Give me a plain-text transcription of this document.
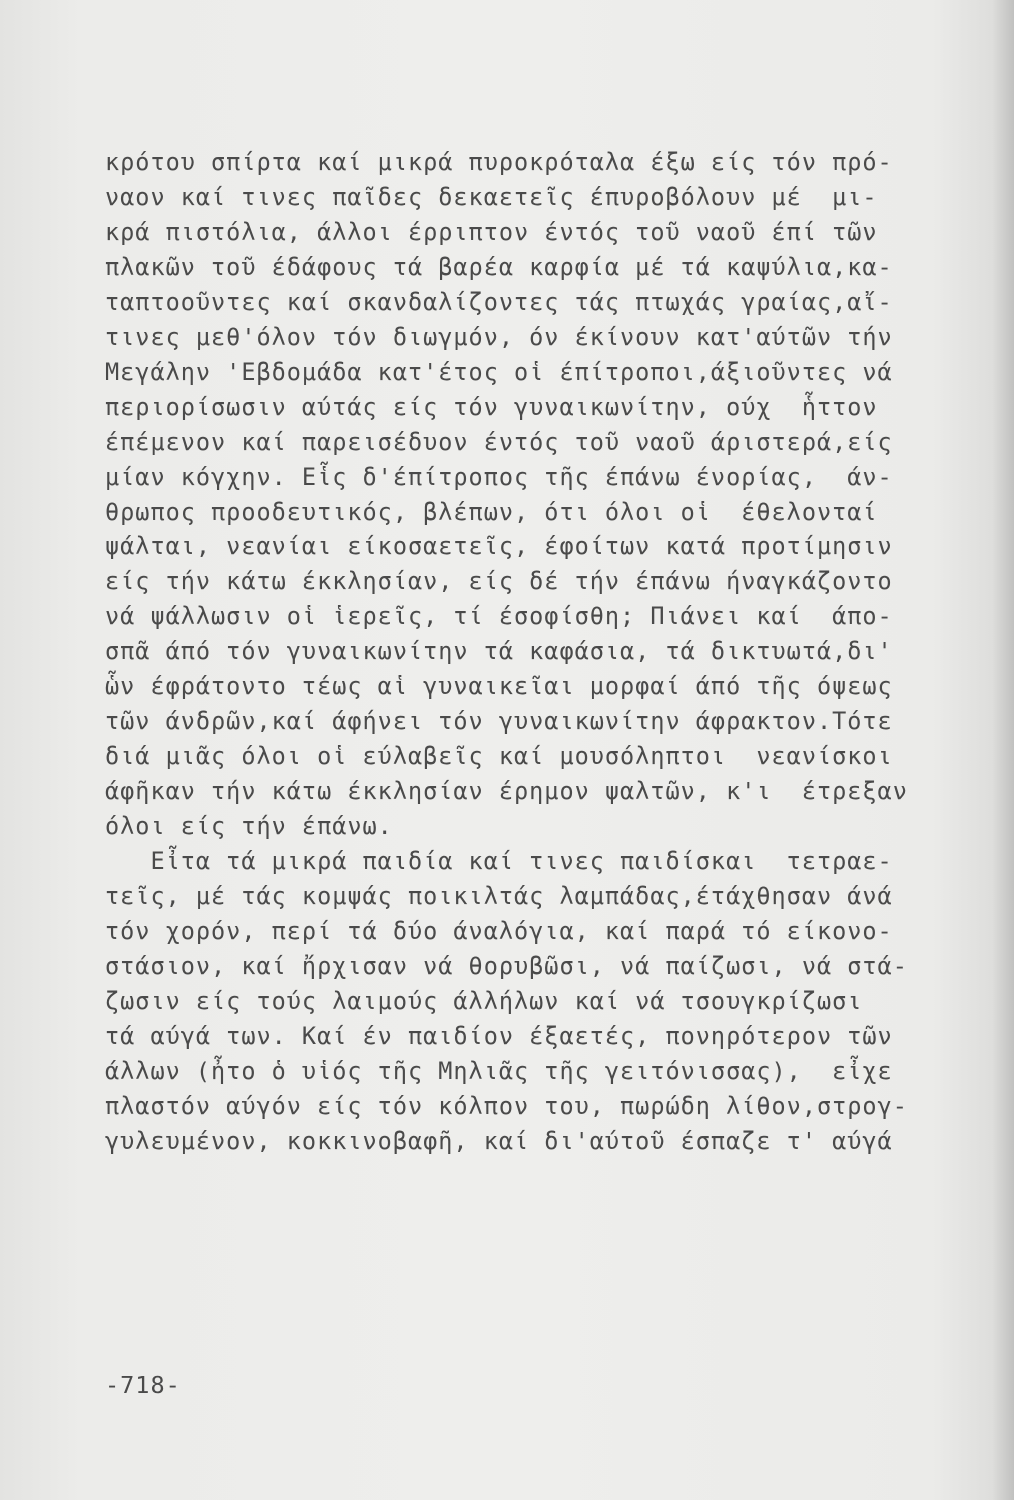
κρότου σπίρτα καί μικρά πυροκρόταλα έξω είς τόν πρό-
ναον καί τινες παῖδες δεκαετεῖς έπυροβόλουν μέ  μι-
κρά πιστόλια, άλλοι έρριπτον έντός τοῦ ναοῦ έπί τῶν
πλακῶν τοῦ έδάφους τά βαρέα καρφία μέ τά καψύλια,κα-
ταπτοοῦντες καί σκανδαλίζοντες τάς πτωχάς γραίας,αἴ-
τινες μεθ'όλον τόν διωγμόν, όν έκίνουν κατ'αύτῶν τήν
Μεγάλην 'Εβδομάδα κατ'έτος οἱ έπίτροποι,άξιοῦντες νά
περιορίσωσιν αύτάς είς τόν γυναικωνίτην, ούχ  ἧττον
έπέμενον καί παρεισέδυον έντός τοῦ ναοῦ άριστερά,είς
μίαν κόγχην. Εἷς δ'έπίτροπος τῆς έπάνω ένορίας,  άν-
θρωπος προοδευτικός, βλέπων, ότι όλοι οἱ  έθελονταί
ψάλται, νεανίαι είκοσαετεῖς, έφοίτων κατά προτίμησιν
είς τήν κάτω έκκλησίαν, είς δέ τήν έπάνω ήναγκάζοντο
νά ψάλλωσιν οἱ ἱερεῖς, τί έσοφίσθη; Πιάνει καί  άπο-
σπᾶ άπό τόν γυναικωνίτην τά καφάσια, τά δικτυωτά,δι'
ὧν έφράτοντο τέως αἱ γυναικεῖαι μορφαί άπό τῆς όψεως
τῶν άνδρῶν,καί άφήνει τόν γυναικωνίτην άφρακτον.Τότε
διά μιᾶς όλοι οἱ εύλαβεῖς καί μουσόληπτοι  νεανίσκοι
άφῆκαν τήν κάτω έκκλησίαν έρημον ψαλτῶν, κ'ι  έτρεξαν
όλοι είς τήν έπάνω.
Εἶτα τά μικρά παιδία καί τινες παιδίσκαι  τετραε-
τεῖς, μέ τάς κομψάς ποικιλτάς λαμπάδας,έτάχθησαν άνά
τόν χορόν, περί τά δύο άναλόγια, καί παρά τό είκονο-
στάσιον, καί ἤρχισαν νά θορυβῶσι, νά παίζωσι, νά στά-
ζωσιν είς τούς λαιμούς άλλήλων καί νά τσουγκρίζωσι
τά αύγά των. Καί έν παιδίον έξαετές, πονηρότερον τῶν
άλλων (ἦτο ὁ υἱός τῆς Μηλιᾶς τῆς γειτόνισσας),  εἶχε
πλαστόν αύγόν είς τόν κόλπον του, πωρώδη λίθον,στρογ-
γυλευμένον, κοκκινοβαφῆ, καί δι'αύτοῦ έσπαζε τ' αύγά
-718-
